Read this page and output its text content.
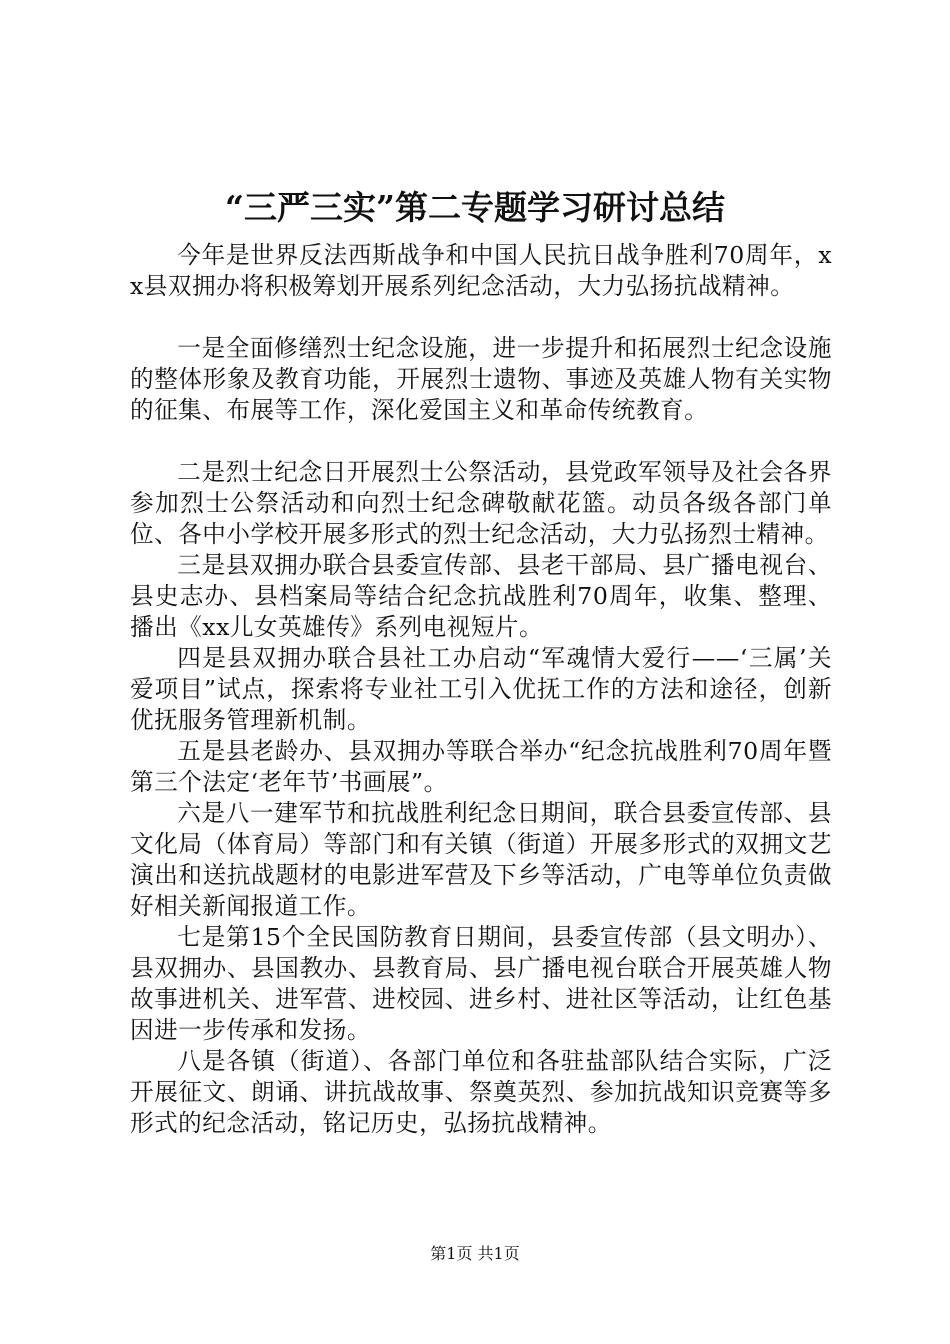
“三严三实”第二专题学习研讨总结

今年是世界反法西斯战争和中国人民抗日战争胜利70周年，xx县双拥办将积极筹划开展系列纪念活动，大力弘扬抗战精神。

一是全面修缮烈士纪念设施，进一步提升和拓展烈士纪念设施的整体形象及教育功能，开展烈士遗物、事迹及英雄人物有关实物的征集、布展等工作，深化爱国主义和革命传统教育。

二是烈士纪念日开展烈士公祭活动，县党政军领导及社会各界参加烈士公祭活动和向烈士纪念碑敬献花篮。动员各级各部门单位、各中小学校开展多形式的烈士纪念活动，大力弘扬烈士精神。

三是县双拥办联合县委宣传部、县老干部局、县广播电视台、县史志办、县档案局等结合纪念抗战胜利70周年，收集、整理、播出《xx儿女英雄传》系列电视短片。

四是县双拥办联合县社工办启动“军魂情大爱行——‘三属’关爱项目”试点，探索将专业社工引入优抚工作的方法和途径，创新优抚服务管理新机制。

五是县老龄办、县双拥办等联合举办“纪念抗战胜利70周年暨第三个法定‘老年节’书画展”。

六是八一建军节和抗战胜利纪念日期间，联合县委宣传部、县文化局（体育局）等部门和有关镇（街道）开展多形式的双拥文艺演出和送抗战题材的电影进军营及下乡等活动，广电等单位负责做好相关新闻报道工作。

七是第15个全民国防教育日期间，县委宣传部（县文明办）、县双拥办、县国教办、县教育局、县广播电视台联合开展英雄人物故事进机关、进军营、进校园、进乡村、进社区等活动，让红色基因进一步传承和发扬。

八是各镇（街道）、各部门单位和各驻盐部队结合实际，广泛开展征文、朗诵、讲抗战故事、祭奠英烈、参加抗战知识竞赛等多形式的纪念活动，铭记历史，弘扬抗战精神。

第1页 共1页
